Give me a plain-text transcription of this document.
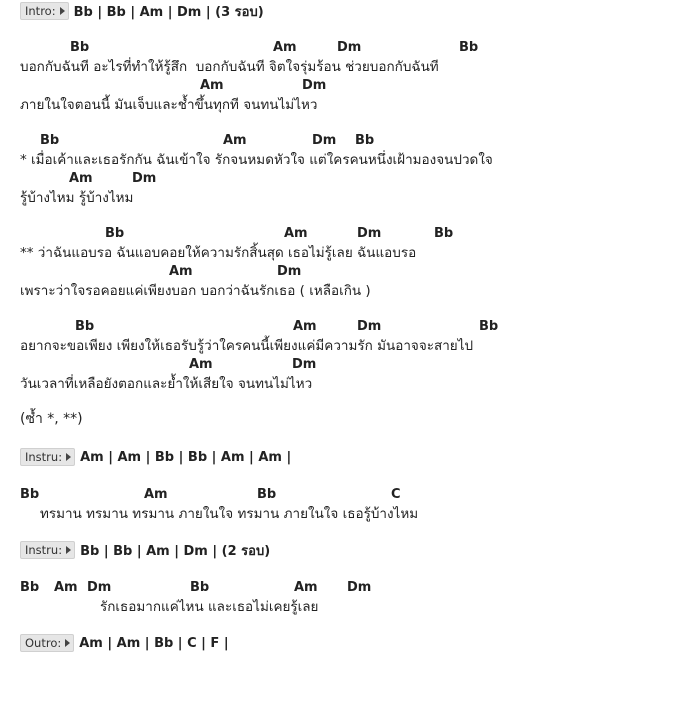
Intro: Bb | Bb | Am | Dm | (3 รอบ)

Bb

	Am

	Dm

	Bb

บอกกับฉันที อะไรที่ทำให้รู้สึก  บอกกับฉันที จิตใจรุ่มร้อน ช่วยบอกกับฉันที

Am

	Dm

ภายในใจตอนนี้ มันเจ็บและช้ำขึ้นทุกที จนทนไม่ไหว

Bb

	Am

	Dm

Bb

* เมื่อเค้าและเธอรักกัน ฉันเข้าใจ รักจนหมดหัวใจ แต่ใครคนหนึ่งเฝ้ามองจนปวดใจ

Am

	Dm

รู้บ้างไหม รู้บ้างไหม

Bb

	Am

	Dm

	Bb

** ว่าฉันแอบรอ ฉันแอบคอยให้ความรักสิ้นสุด เธอไม่รู้เลย ฉันแอบรอ

Am

	Dm

เพราะว่าใจรอคอยแค่เพียงบอก บอกว่าฉันรักเธอ ( เหลือเกิน )

Bb

	Am

	Dm

	Bb

อยากจะขอเพียง เพียงให้เธอรับรู้ว่าใครคนนี้เพียงแค่มีความรัก มันอาจจะสายไป

Am

	Dm

วันเวลาที่เหลือยังตอกและย้ำให้เสียใจ จนทนไม่ไหว
(ซ้ำ *, **)
Instru: Am | Am | Bb | Bb | Am | Am |

Bb

	Am

	Bb

	C

ทรมาน ทรมาน ทรมาน ภายในใจ ทรมาน ภายในใจ เธอรู้บ้างไหม
Instru: Bb | Bb | Am | Dm | (2 รอบ)

Bb

Am

Dm

	Bb

	Am

Dm

รักเธอมากแค่ไหน และเธอไม่เคยรู้เลย
Outro: Am | Am | Bb | C | F |
